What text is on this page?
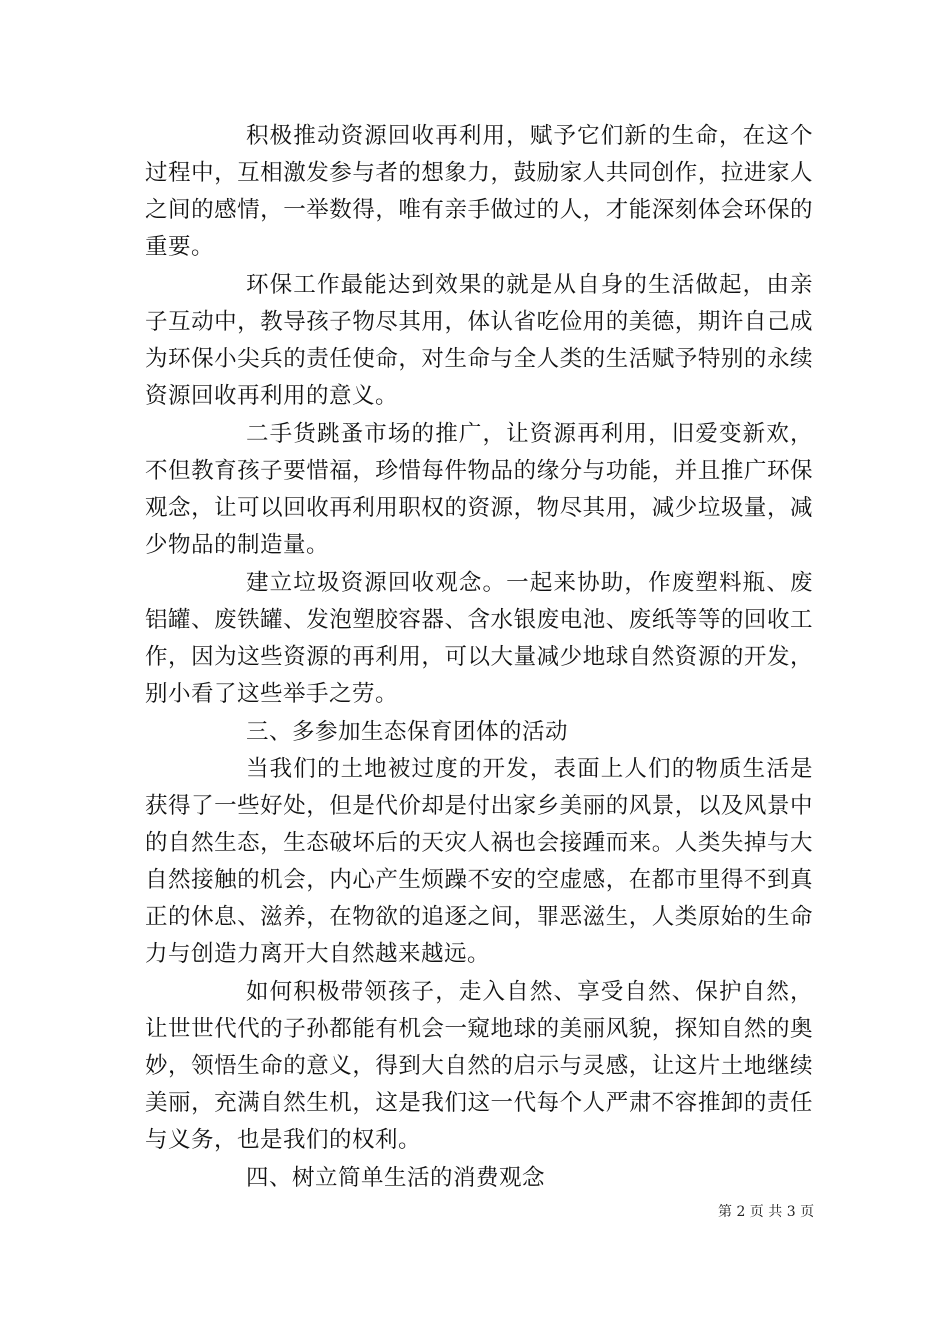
积极推动资源回收再利用，赋予它们新的生命，在这个过程中，互相激发参与者的想象力，鼓励家人共同创作，拉进家人之间的感情，一举数得，唯有亲手做过的人，才能深刻体会环保的重要。

环保工作最能达到效果的就是从自身的生活做起，由亲子互动中，教导孩子物尽其用，体认省吃俭用的美德，期许自己成为环保小尖兵的责任使命，对生命与全人类的生活赋予特别的永续资源回收再利用的意义。

二手货跳蚤市场的推广，让资源再利用，旧爱变新欢，不但教育孩子要惜福，珍惜每件物品的缘分与功能，并且推广环保观念，让可以回收再利用职权的资源，物尽其用，减少垃圾量，减少物品的制造量。

建立垃圾资源回收观念。一起来协助，作废塑料瓶、废铝罐、废铁罐、发泡塑胶容器、含水银废电池、废纸等等的回收工作，因为这些资源的再利用，可以大量减少地球自然资源的开发，别小看了这些举手之劳。

三、多参加生态保育团体的活动

当我们的土地被过度的开发，表面上人们的物质生活是获得了一些好处，但是代价却是付出家乡美丽的风景，以及风景中的自然生态，生态破坏后的天灾人祸也会接踵而来。人类失掉与大自然接触的机会，内心产生烦躁不安的空虚感，在都市里得不到真正的休息、滋养，在物欲的追逐之间，罪恶滋生，人类原始的生命力与创造力离开大自然越来越远。

如何积极带领孩子，走入自然、享受自然、保护自然，让世世代代的子孙都能有机会一窥地球的美丽风貌，探知自然的奥妙，领悟生命的意义，得到大自然的启示与灵感，让这片土地继续美丽，充满自然生机，这是我们这一代每个人严肃不容推卸的责任与义务，也是我们的权利。

四、树立简单生活的消费观念

第 2 页 共 3 页
